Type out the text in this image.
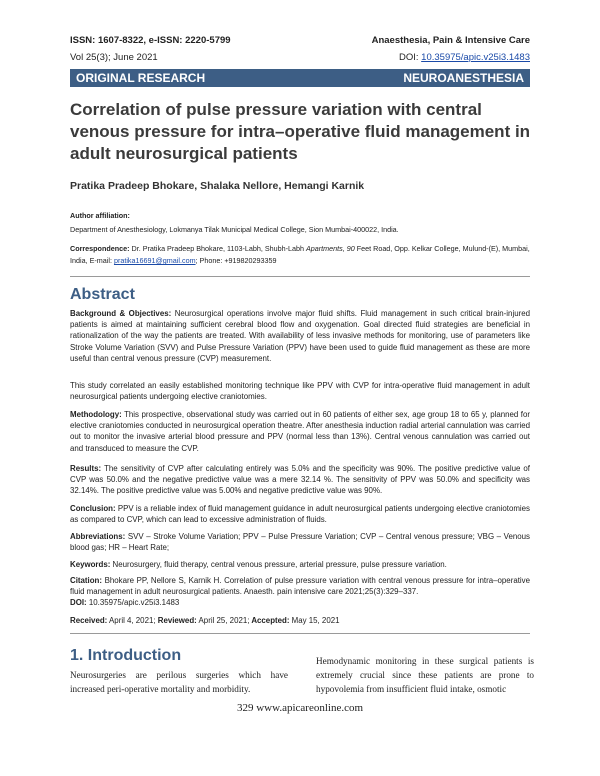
ISSN: 1607-8322, e-ISSN: 2220-5799	Anaesthesia, Pain & Intensive Care
Vol 25(3); June 2021	DOI: 10.35975/apic.v25i3.1483
ORIGINAL RESEARCH	NEUROANESTHESIA
Correlation of pulse pressure variation with central venous pressure for intra–operative fluid management in adult neurosurgical patients
Pratika Pradeep Bhokare, Shalaka Nellore, Hemangi Karnik
Author affiliation:
Department of Anesthesiology, Lokmanya Tilak Municipal Medical College, Sion Mumbai-400022, India.
Correspondence: Dr. Pratika Pradeep Bhokare, 1103-Labh, Shubh-Labh Apartments, 90 Feet Road, Opp. Kelkar College, Mulund-(E), Mumbai, India, E-mail: pratika16691@gmail.com; Phone: +919820293359
Abstract
Background & Objectives: Neurosurgical operations involve major fluid shifts. Fluid management in such critical brain-injured patients is aimed at maintaining sufficient cerebral blood flow and oxygenation. Goal directed fluid strategies are beneficial in rationalization of the way the patients are treated. With availability of less invasive methods for monitoring, use of parameters like Stroke Volume Variation (SVV) and Pulse Pressure Variation (PPV) have been used to guide fluid management as these are more useful than central venous pressure (CVP) measurement.
This study correlated an easily established monitoring technique like PPV with CVP for intra-operative fluid management in adult neurosurgical patients undergoing elective craniotomies.
Methodology: This prospective, observational study was carried out in 60 patients of either sex, age group 18 to 65 y, planned for elective craniotomies conducted in neurosurgical operation theatre. After anesthesia induction radial arterial cannulation was carried out to monitor the invasive arterial blood pressure and PPV (normal less than 13%). Central venous cannulation was carried out and transduced to measure the CVP.
Results: The sensitivity of CVP after calculating entirely was 5.0% and the specificity was 90%. The positive predictive value of CVP was 50.0% and the negative predictive value was a mere 32.14 %. The sensitivity of PPV was 50.0% and specificity was 32.14%. The positive predictive value was 5.00% and negative predictive value was 90%.
Conclusion: PPV is a reliable index of fluid management guidance in adult neurosurgical patients undergoing elective craniotomies as compared to CVP, which can lead to excessive administration of fluids.
Abbreviations: SVV – Stroke Volume Variation; PPV – Pulse Pressure Variation; CVP – Central venous pressure; VBG – Venous blood gas; HR – Heart Rate;
Keywords: Neurosurgery, fluid therapy, central venous pressure, arterial pressure, pulse pressure variation.
Citation: Bhokare PP, Nellore S, Karnik H. Correlation of pulse pressure variation with central venous pressure for intra–operative fluid management in adult neurosurgical patients. Anaesth. pain intensive care 2021;25(3):329–337.
DOI: 10.35975/apic.v25i3.1483
Received: April 4, 2021; Reviewed: April 25, 2021; Accepted: May 15, 2021
1. Introduction
Neurosurgeries are perilous surgeries which have increased peri-operative mortality and morbidity.
Hemodynamic monitoring in these surgical patients is extremely crucial since these patients are prone to hypovolemia from insufficient fluid intake, osmotic
329 www.apicareonline.com
